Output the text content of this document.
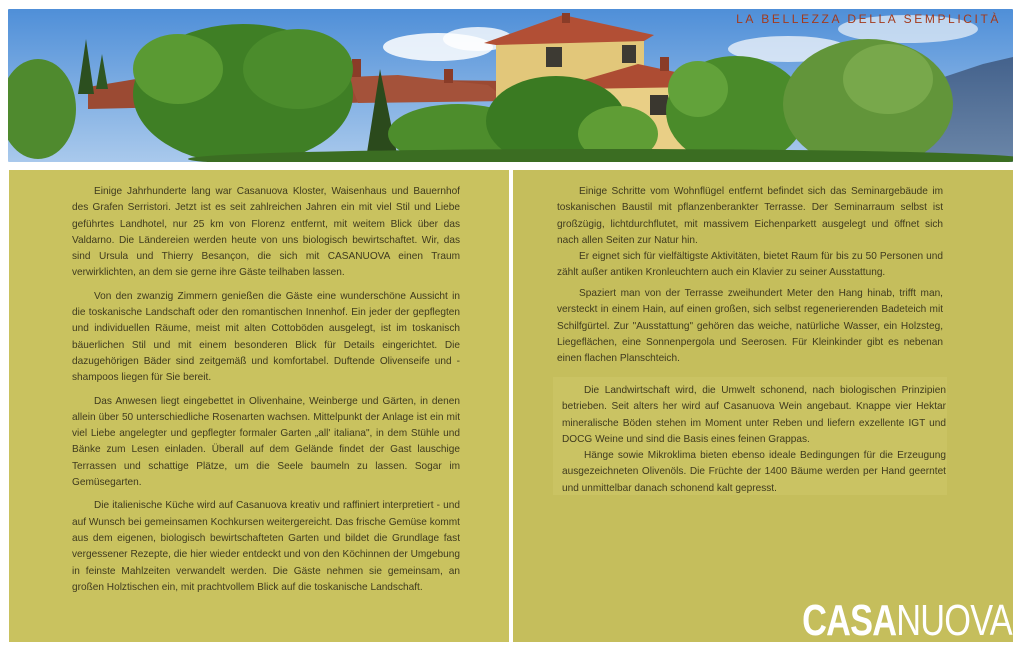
LA BELLEZZA DELLA SEMPLICITÀ

Einige Jahrhunderte lang war Casanuova Kloster, Waisenhaus und Bauernhof des Grafen Serristori. Jetzt ist es seit zahlreichen Jahren ein mit viel Stil und Liebe geführtes Landhotel, nur 25 km von Florenz entfernt, mit weitem Blick über das Valdarno. Die Ländereien werden heute von uns biologisch bewirtschaftet. Wir, das sind Ursula und Thierry Besançon, die sich mit CASANUOVA einen Traum verwirklichten, an dem sie gerne ihre Gäste teilhaben lassen.

Von den zwanzig Zimmern genießen die Gäste eine wunderschöne Aussicht in die toskanische Landschaft oder den romantischen Innenhof. Ein jeder der gepflegten und individuellen Räume, meist mit alten Cottoböden ausgelegt, ist im toskanisch bäuerlichen Stil und mit einem besonderen Blick für Details eingerichtet. Die dazugehörigen Bäder sind zeitgemäß und komfortabel. Duftende Olivenseife und -shampoos liegen für Sie bereit.

Das Anwesen liegt eingebettet in Olivenhaine, Weinberge und Gärten, in denen allein über 50 unterschiedliche Rosenarten wachsen. Mittelpunkt der Anlage ist ein mit viel Liebe angelegter und gepflegter formaler Garten „all' italiana", in dem Stühle und Bänke zum Lesen einladen. Überall auf dem Gelände findet der Gast lauschige Terrassen und schattige Plätze, um die Seele baumeln zu lassen. Sogar im Gemüsegarten.

Die italienische Küche wird auf Casanuova kreativ und raffiniert interpretiert - und auf Wunsch bei gemeinsamen Kochkursen weitergereicht. Das frische Gemüse kommt aus dem eigenen, biologisch bewirtschafteten Garten und bildet die Grundlage fast vergessener Rezepte, die hier wieder entdeckt und von den Köchinnen der Umgebung in feinste Mahlzeiten verwandelt werden. Die Gäste nehmen sie gemeinsam, an großen Holztischen ein, mit prachtvollem Blick auf die toskanische Landschaft.

Einige Schritte vom Wohnflügel entfernt befindet sich das Seminargebäude im toskanischen Baustil mit pflanzenberankter Terrasse. Der Seminarraum selbst ist großzügig, lichtdurchflutet, mit massivem Eichenparkett ausgelegt und öffnet sich nach allen Seiten zur Natur hin.

Er eignet sich für vielfältigste Aktivitäten, bietet Raum für bis zu 50 Personen und zählt außer antiken Kronleuchtern auch ein Klavier zu seiner Ausstattung.

Spaziert man von der Terrasse zweihundert Meter den Hang hinab, trifft man, versteckt in einem Hain, auf einen großen, sich selbst regenerierenden Badeteich mit Schilfgürtel. Zur "Ausstattung" gehören das weiche, natürliche Wasser, ein Holzsteg, Liegeflächen, eine Sonnenpergola und Seerosen. Für Kleinkinder gibt es nebenan einen flachen Planschteich.

Die Landwirtschaft wird, die Umwelt schonend, nach biologischen Prinzipien betrieben. Seit alters her wird auf Casanuova Wein angebaut. Knappe vier Hektar mineralische Böden stehen im Moment unter Reben und liefern exzellente IGT und DOCG Weine und sind die Basis eines feinen Grappas.

Hänge sowie Mikroklima bieten ebenso ideale Bedingungen für die Erzeugung ausgezeichneten Olivenöls. Die Früchte der 1400 Bäume werden per Hand geerntet und unmittelbar danach schonend kalt gepresst.

CASANUOVA
